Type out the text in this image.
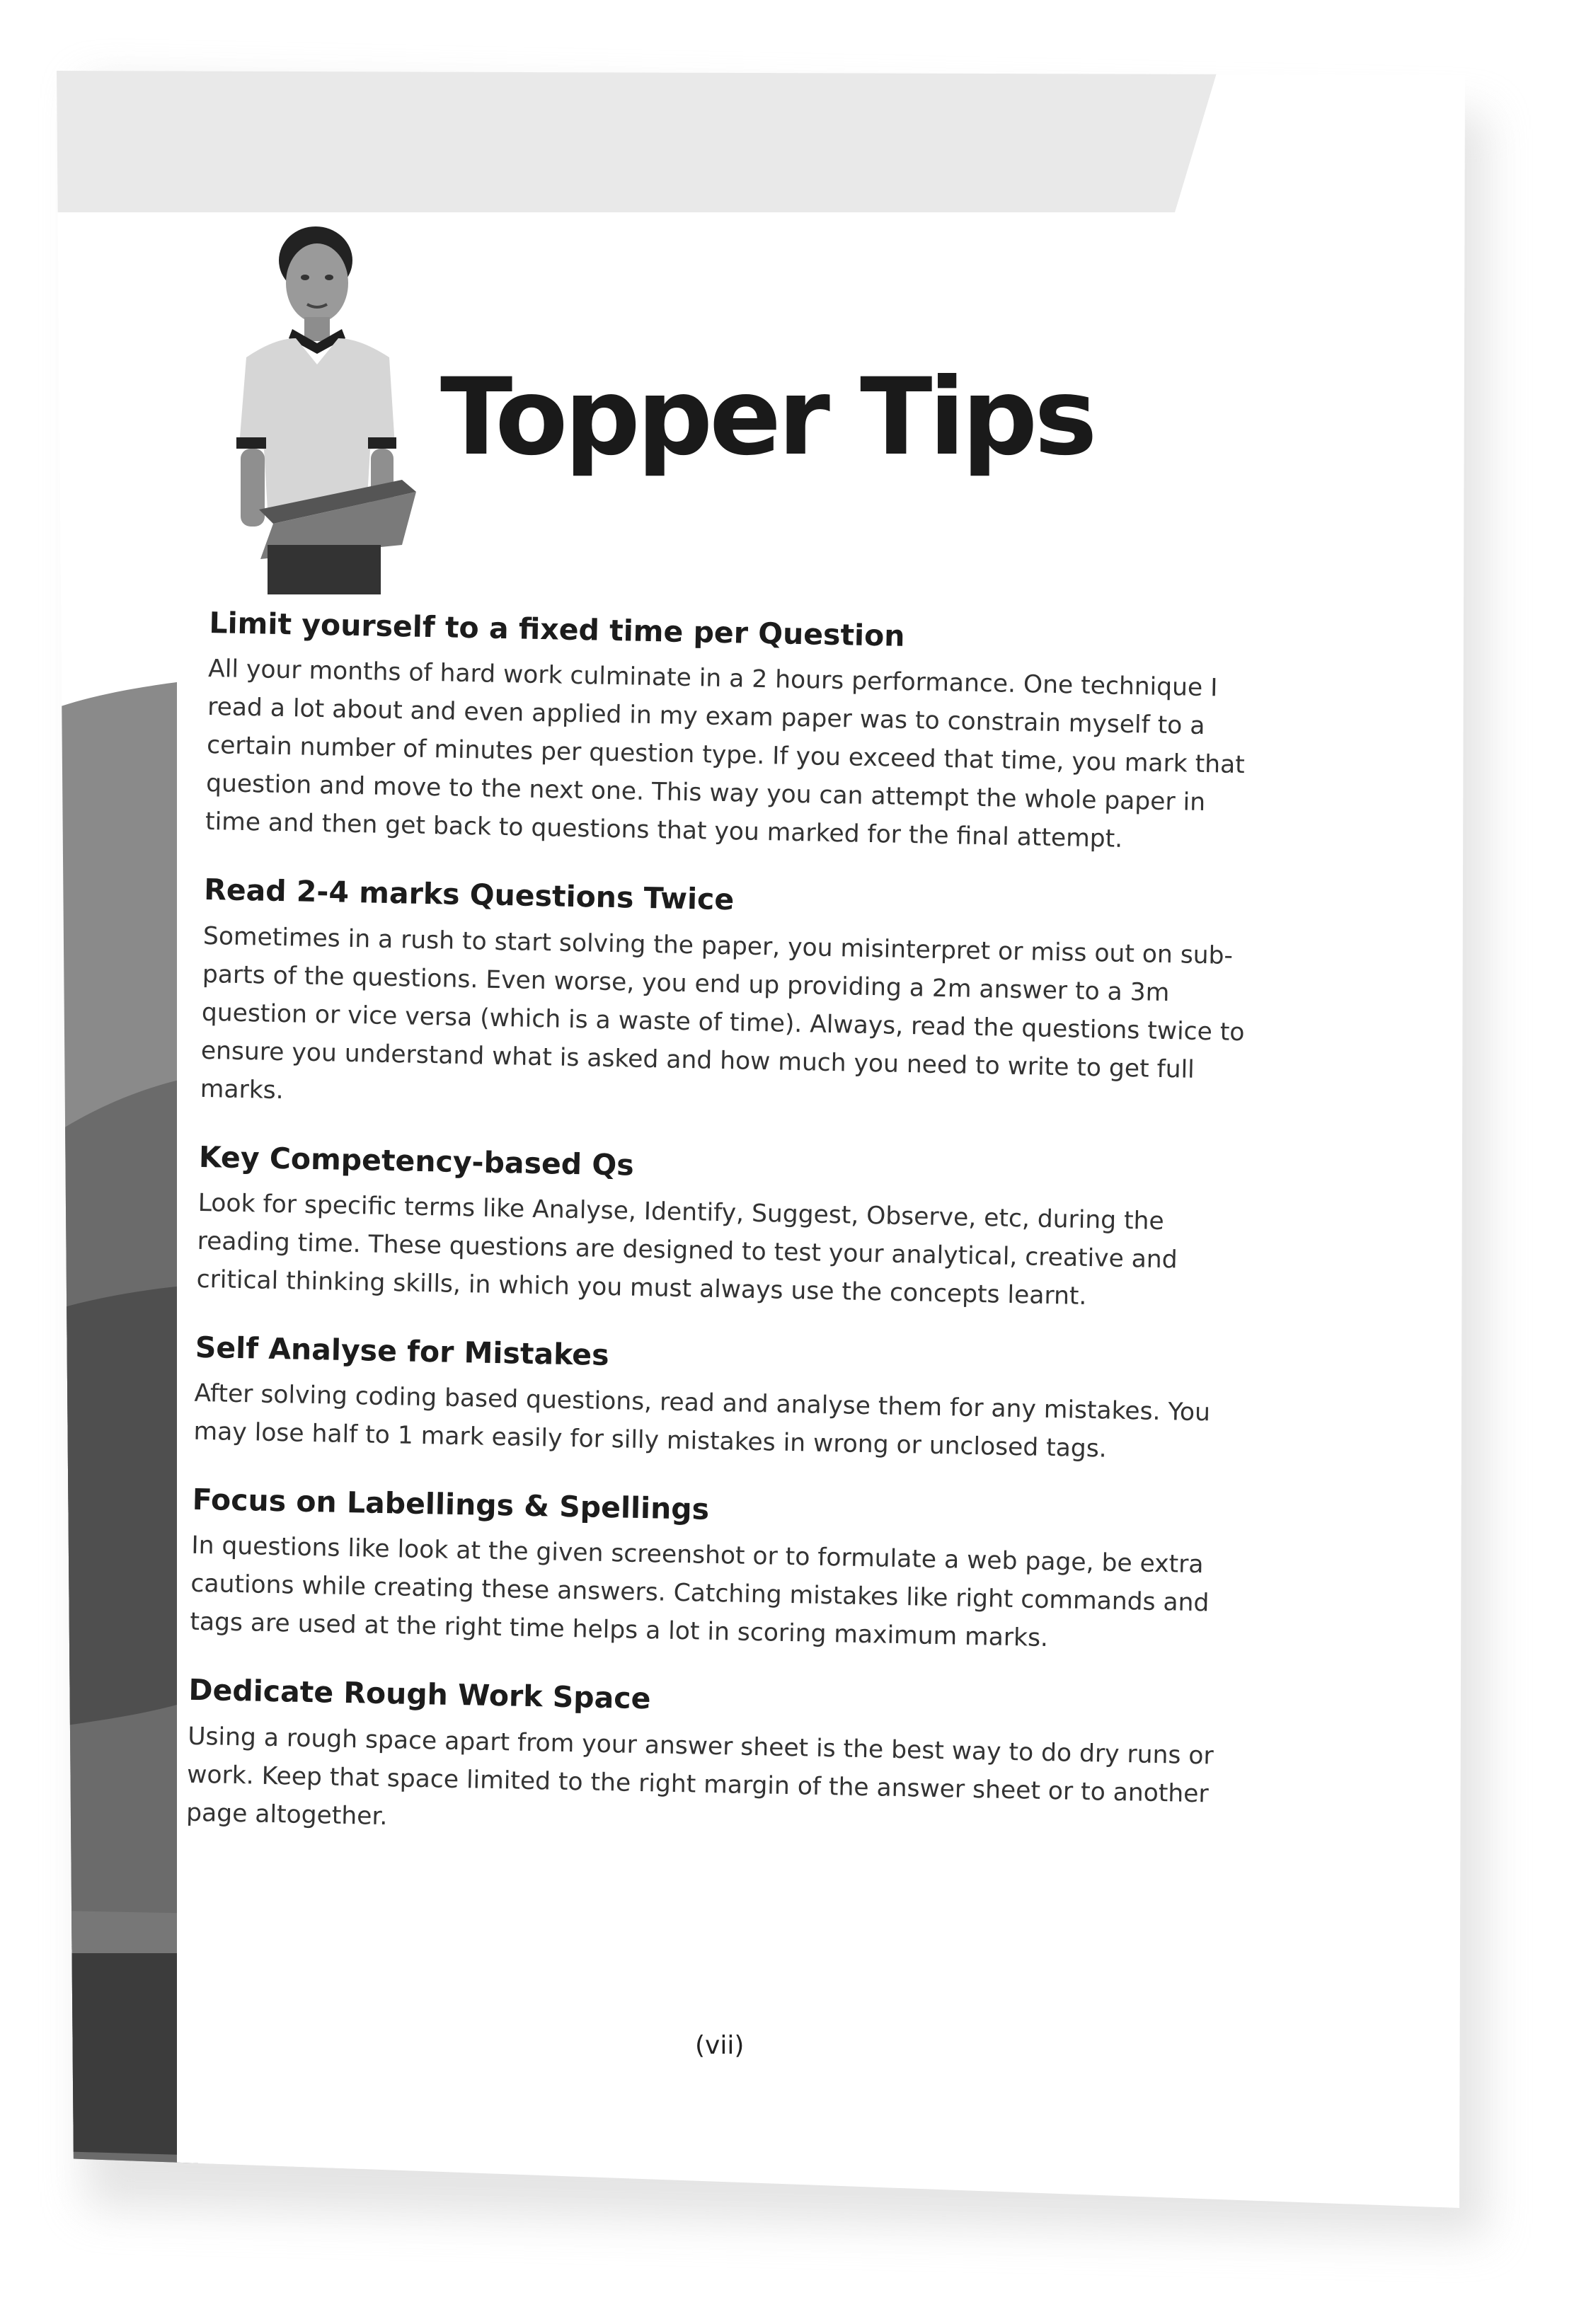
Topper Tips
Limit yourself to a fixed time per Question

All your months of hard work culminate in a 2 hours performance. One technique I read a lot about and even applied in my exam paper was to constrain myself to a certain number of minutes per question type. If you exceed that time, you mark that question and move to the next one. This way you can attempt the whole paper in time and then get back to questions that you marked for the final attempt.

Read 2-4 marks Questions Twice

Sometimes in a rush to start solving the paper, you misinterpret or miss out on sub-parts of the questions. Even worse, you end up providing a 2m answer to a 3m question or vice versa (which is a waste of time). Always, read the questions twice to ensure you understand what is asked and how much you need to write to get full marks.

Key Competency-based Qs

Look for specific terms like Analyse, Identify, Suggest, Observe, etc, during the reading time. These questions are designed to test your analytical, creative and critical thinking skills, in which you must always use the concepts learnt.

Self Analyse for Mistakes

After solving coding based questions, read and analyse them for any mistakes. You may lose half to 1 mark easily for silly mistakes in wrong or unclosed tags.

Focus on Labellings & Spellings

In questions like look at the given screenshot or to formulate a web page, be extra cautions while creating these answers. Catching mistakes like right commands and tags are used at the right time helps a lot in scoring maximum marks.

Dedicate Rough Work Space

Using a rough space apart from your answer sheet is the best way to do dry runs or work. Keep that space limited to the right margin of the answer sheet or to another page altogether.

(vii)
